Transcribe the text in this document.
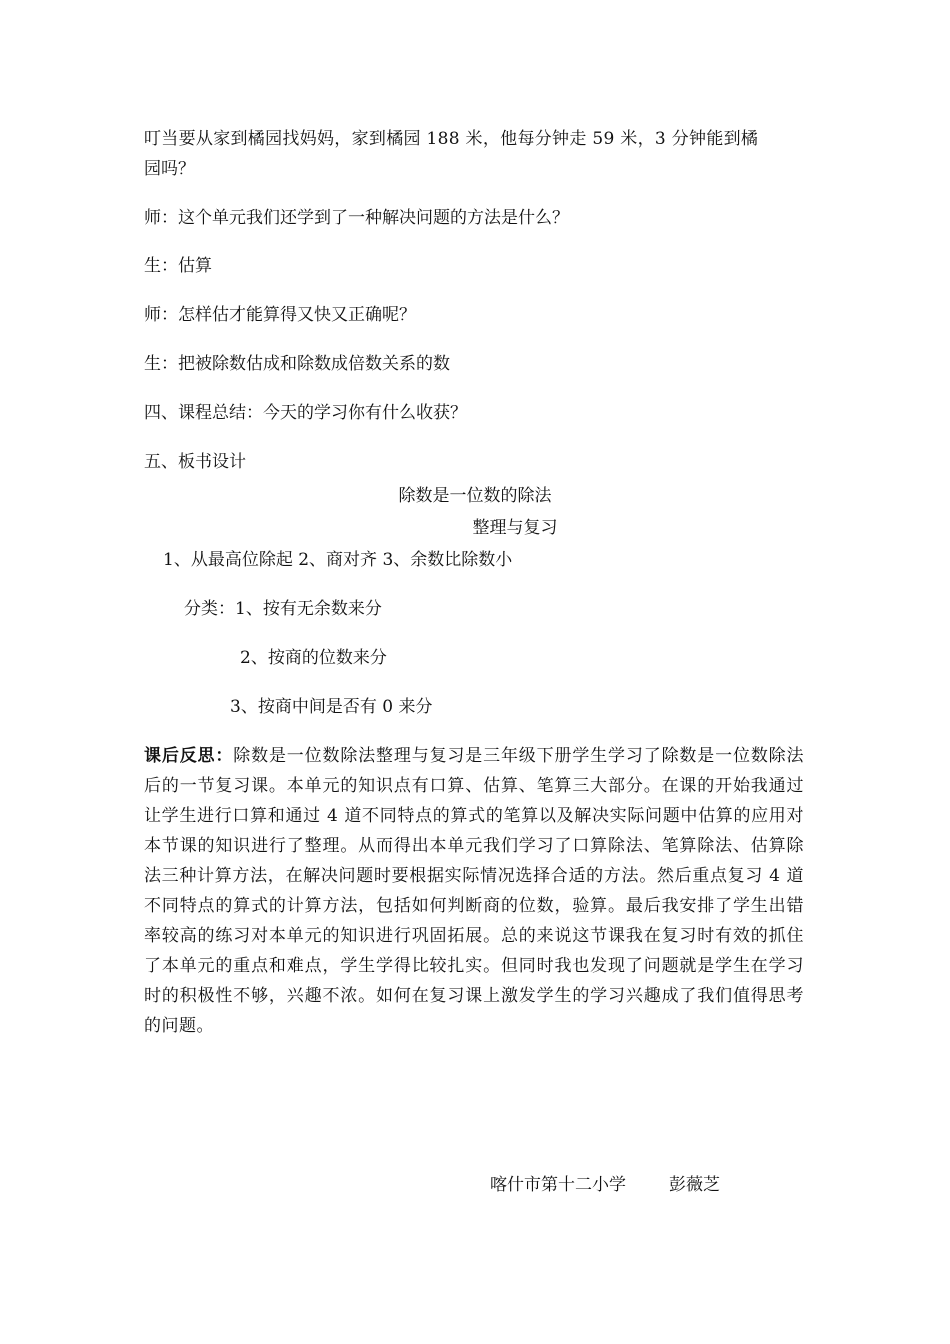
叮当要从家到橘园找妈妈，家到橘园 188 米，他每分钟走 59 米，3 分钟能到橘
园吗？
师：这个单元我们还学到了一种解决问题的方法是什么？
生：估算
师：怎样估才能算得又快又正确呢？
生：把被除数估成和除数成倍数关系的数
四、课程总结：今天的学习你有什么收获？
五、板书设计
除数是一位数的除法
整理与复习
1、从最高位除起 2、商对齐 3、余数比除数小
分类：1、按有无余数来分
2、按商的位数来分
3、按商中间是否有 0 来分
课后反思：除数是一位数除法整理与复习是三年级下册学生学习了除数是一位数除法后的一节复习课。本单元的知识点有口算、估算、笔算三大部分。在课的开始我通过让学生进行口算和通过 4 道不同特点的算式的笔算以及解决实际问题中估算的应用对本节课的知识进行了整理。从而得出本单元我们学习了口算除法、笔算除法、估算除法三种计算方法，在解决问题时要根据实际情况选择合适的方法。然后重点复习 4 道不同特点的算式的计算方法，包括如何判断商的位数，验算。最后我安排了学生出错率较高的练习对本单元的知识进行巩固拓展。总的来说这节课我在复习时有效的抓住了本单元的重点和难点，学生学得比较扎实。但同时我也发现了问题就是学生在学习时的积极性不够，兴趣不浓。如何在复习课上激发学生的学习兴趣成了我们值得思考的问题。
喀什市第十二小学	彭薇芝
